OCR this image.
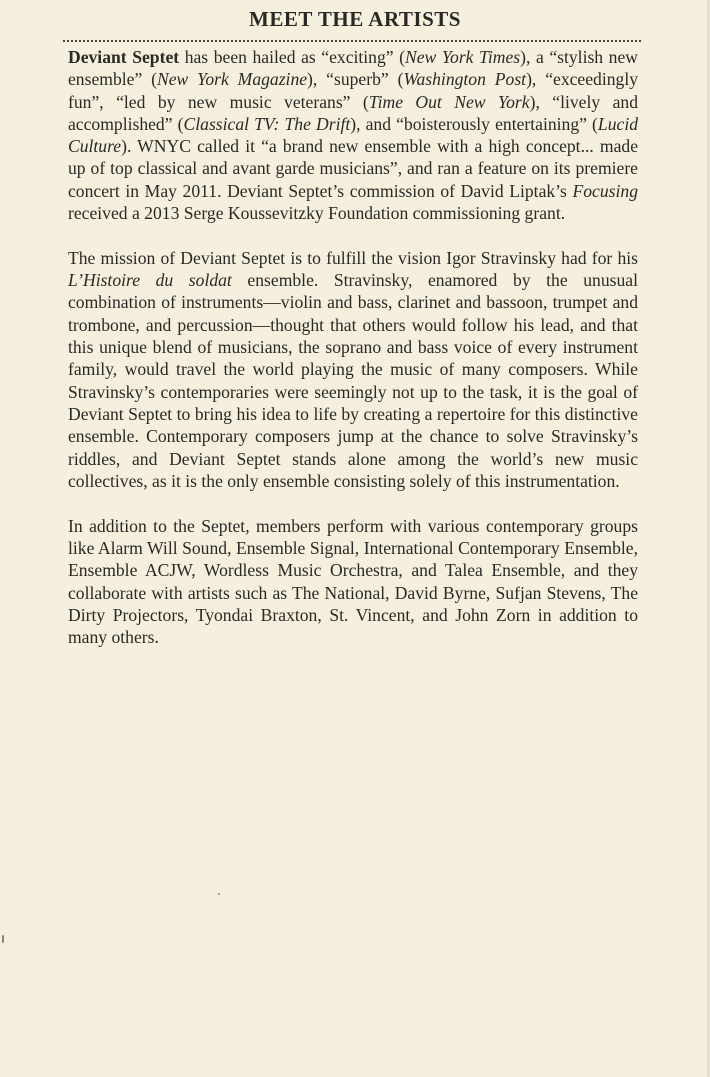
MEET THE ARTISTS

Deviant Septet has been hailed as “exciting” (New York Times), a “stylish new ensemble” (New York Magazine), “superb” (Washington Post), “exceedingly fun”, “led by new music veterans” (Time Out New York), “lively and accomplished” (Classical TV: The Drift), and “boisterously entertaining” (Lucid Culture). WNYC called it “a brand new ensemble with a high concept... made up of top classical and avant garde musicians”, and ran a feature on its premiere concert in May 2011. Deviant Septet’s commission of David Liptak’s Focusing received a 2013 Serge Koussevitzky Foundation commissioning grant.

The mission of Deviant Septet is to fulfill the vision Igor Stravinsky had for his L’Histoire du soldat ensemble. Stravinsky, enamored by the unusual combination of instruments—violin and bass, clarinet and bassoon, trumpet and trombone, and percussion—thought that others would follow his lead, and that this unique blend of musicians, the soprano and bass voice of every instrument family, would travel the world playing the music of many composers. While Stravinsky’s contemporaries were seemingly not up to the task, it is the goal of Deviant Septet to bring his idea to life by creating a repertoire for this distinctive ensemble. Contemporary composers jump at the chance to solve Stravinsky’s riddles, and Deviant Septet stands alone among the world’s new music collectives, as it is the only ensemble consisting solely of this instrumentation.

In addition to the Septet, members perform with various contemporary groups like Alarm Will Sound, Ensemble Signal, International Contemporary Ensemble, Ensemble ACJW, Wordless Music Orchestra, and Talea Ensemble, and they collaborate with artists such as The National, David Byrne, Sufjan Stevens, The Dirty Projectors, Tyondai Braxton, St. Vincent, and John Zorn in addition to many others.
